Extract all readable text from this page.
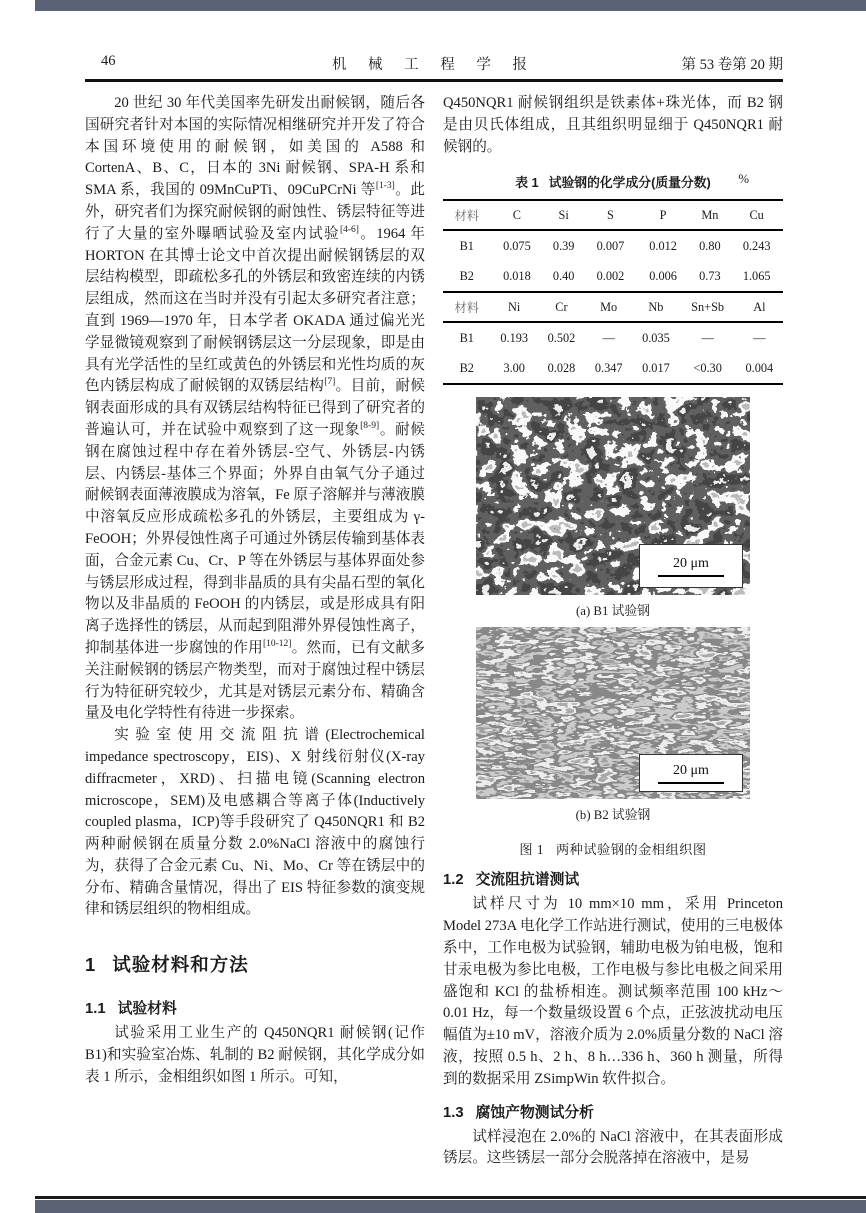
46	机 械 工 程 学 报	第 53 卷第 20 期

20 世纪 30 年代美国率先研发出耐候钢，随后各国研究者针对本国的实际情况相继研究并开发了符合本国环境使用的耐候钢，如美国的 A588 和 CortenA、B、C，日本的 3Ni 耐候钢、SPA-H 系和 SMA 系，我国的 09MnCuPTi、09CuPCrNi 等[1-3]。此外，研究者们为探究耐候钢的耐蚀性、锈层特征等进行了大量的室外曝晒试验及室内试验[4-6]。1964 年 HORTON 在其博士论文中首次提出耐候钢锈层的双层结构模型，即疏松多孔的外锈层和致密连续的内锈层组成，然而这在当时并没有引起太多研究者注意；直到 1969—1970 年，日本学者 OKADA 通过偏光光学显微镜观察到了耐候钢锈层这一分层现象，即是由具有光学活性的呈红或黄色的外锈层和光性均质的灰色内锈层构成了耐候钢的双锈层结构[7]。目前，耐候钢表面形成的具有双锈层结构特征已得到了研究者的普遍认可，并在试验中观察到了这一现象[8-9]。耐候钢在腐蚀过程中存在着外锈层-空气、外锈层-内锈层、内锈层-基体三个界面；外界自由氧气分子通过耐候钢表面薄液膜成为溶氧，Fe 原子溶解并与薄液膜中溶氧反应形成疏松多孔的外锈层，主要组成为 γ-FeOOH；外界侵蚀性离子可通过外锈层传输到基体表面，合金元素 Cu、Cr、P 等在外锈层与基体界面处参与锈层形成过程，得到非晶质的具有尖晶石型的氧化物以及非晶质的 FeOOH 的内锈层，或是形成具有阳离子选择性的锈层，从而起到阻滞外界侵蚀性离子，抑制基体进一步腐蚀的作用[10-12]。然而，已有文献多关注耐候钢的锈层产物类型，而对于腐蚀过程中锈层行为特征研究较少，尤其是对锈层元素分布、精确含量及电化学特性有待进一步探索。

实验室使用交流阻抗谱(Electrochemical impedance spectroscopy，EIS)、X 射线衍射仪(X-ray diffracmeter，XRD)、扫描电镜(Scanning electron microscope，SEM)及电感耦合等离子体(Inductively coupled plasma，ICP)等手段研究了 Q450NQR1 和 B2 两种耐候钢在质量分数 2.0%NaCl 溶液中的腐蚀行为，获得了合金元素 Cu、Ni、Mo、Cr 等在锈层中的分布、精确含量情况，得出了 EIS 特征参数的演变规律和锈层组织的物相组成。

1 试验材料和方法
1.1 试验材料

试验采用工业生产的 Q450NQR1 耐候钢(记作 B1)和实验室冶炼、轧制的 B2 耐候钢，其化学成分如表 1 所示，金相组织如图 1 所示。可知，

Q450NQR1 耐候钢组织是铁素体+珠光体，而 B2 钢是由贝氏体组成，且其组织明显细于 Q450NQR1 耐候钢的。

表 1 试验钢的化学成分(质量分数) %
材料	C	Si	S	P	Mn	Cu
B1	0.075	0.39	0.007	0.012	0.80	0.243
B2	0.018	0.40	0.002	0.006	0.73	1.065
材料	Ni	Cr	Mo	Nb	Sn+Sb	Al
B1	0.193	0.502	—	0.035	—	—
B2	3.00	0.028	0.347	0.017	<0.30	0.004
20 μm
(a) B1 试验钢
20 μm
(b) B2 试验钢
图 1 两种试验钢的金相组织图
1.2 交流阻抗谱测试

试样尺寸为 10 mm×10 mm，采用 Princeton Model 273A 电化学工作站进行测试，使用的三电极体系中，工作电极为试验钢，辅助电极为铂电极，饱和甘汞电极为参比电极，工作电极与参比电极之间采用盛饱和 KCl 的盐桥相连。测试频率范围 100 kHz～0.01 Hz，每一个数量级设置 6 个点，正弦波扰动电压幅值为±10 mV，溶液介质为 2.0%质量分数的 NaCl 溶液，按照 0.5 h、2 h、8 h…336 h、360 h 测量，所得到的数据采用 ZSimpWin 软件拟合。

1.3 腐蚀产物测试分析

试样浸泡在 2.0%的 NaCl 溶液中，在其表面形成锈层。这些锈层一部分会脱落掉在溶液中，是易
